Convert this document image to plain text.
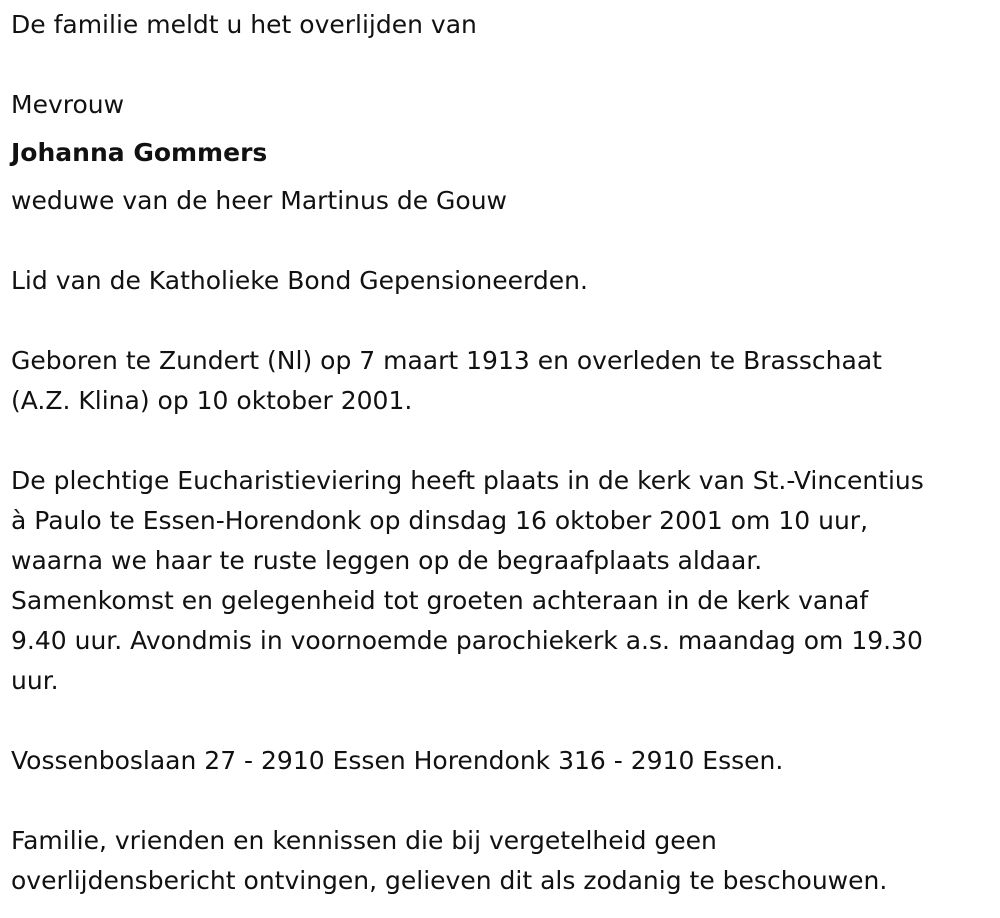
De familie meldt u het overlijden van
Mevrouw
Johanna Gommers
weduwe van de heer Martinus de Gouw
Lid van de Katholieke Bond Gepensioneerden.
Geboren te Zundert (Nl) op 7 maart 1913 en overleden te Brasschaat
(A.Z. Klina) op 10 oktober 2001.
De plechtige Eucharistieviering heeft plaats in de kerk van St.-Vincentius
à Paulo te Essen-Horendonk op dinsdag 16 oktober 2001 om 10 uur,
waarna we haar te ruste leggen op de begraafplaats aldaar.
Samenkomst en gelegenheid tot groeten achteraan in de kerk vanaf
9.40 uur. Avondmis in voornoemde parochiekerk a.s. maandag om 19.30
uur.
Vossenboslaan 27 - 2910 Essen Horendonk 316 - 2910 Essen.
Familie, vrienden en kennissen die bij vergetelheid geen
overlijdensbericht ontvingen, gelieven dit als zodanig te beschouwen.
